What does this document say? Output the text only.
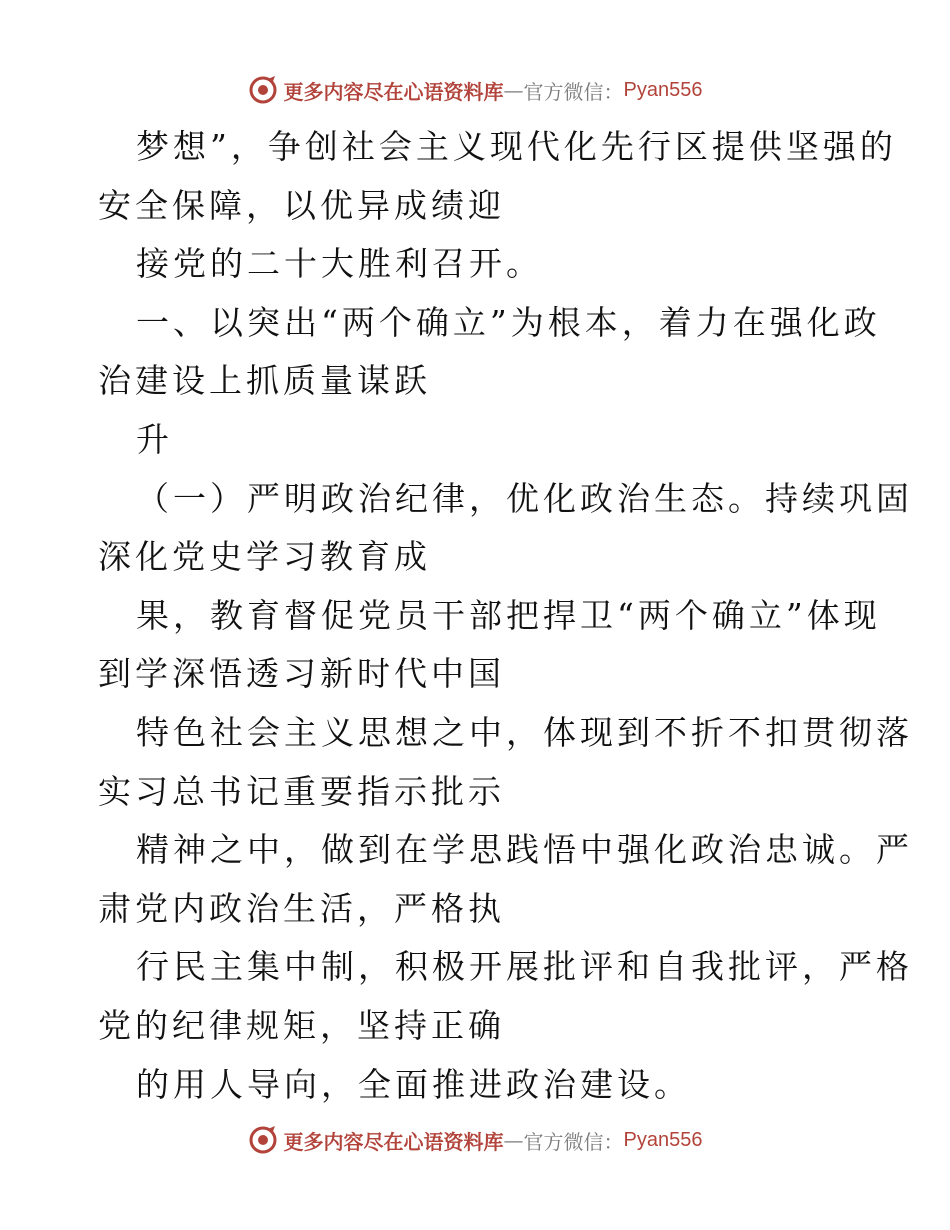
更多内容尽在心语资料库 — 官方微信： Pyan556
梦想”，争创社会主义现代化先行区提供坚强的
安全保障，以优异成绩迎
接党的二十大胜利召开。
一、以突出“两个确立”为根本，着力在强化政
治建设上抓质量谋跃
升
（一）严明政治纪律，优化政治生态。持续巩固
深化党史学习教育成
果，教育督促党员干部把捍卫“两个确立”体现
到学深悟透习新时代中国
特色社会主义思想之中，体现到不折不扣贯彻落
实习总书记重要指示批示
精神之中，做到在学思践悟中强化政治忠诚。严
肃党内政治生活，严格执
行民主集中制，积极开展批评和自我批评，严格
党的纪律规矩，坚持正确
的用人导向，全面推进政治建设。
更多内容尽在心语资料库 — 官方微信： Pyan556
